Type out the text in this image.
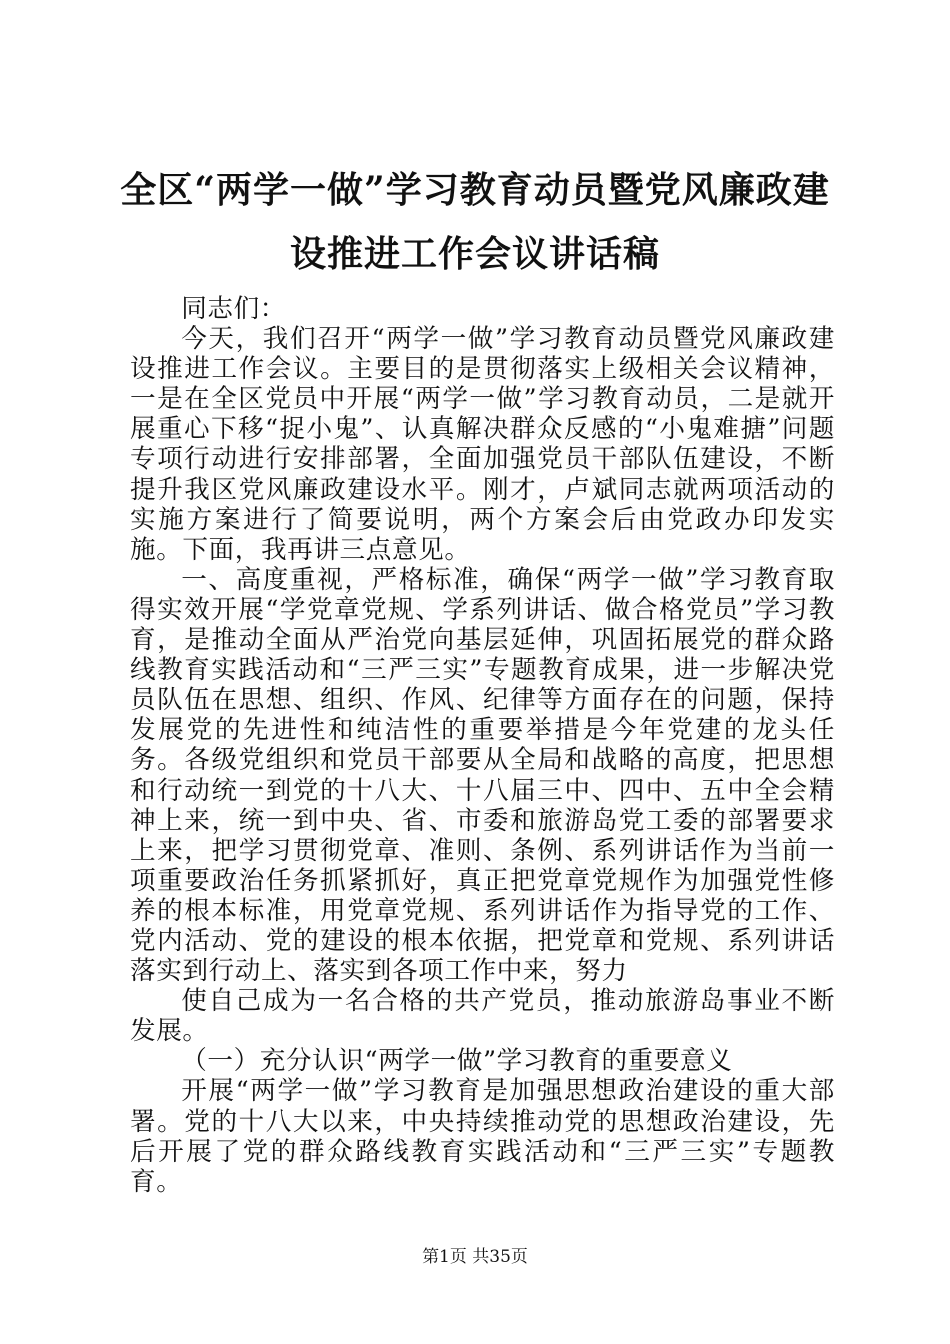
全区“两学一做”学习教育动员暨党风廉政建设推进工作会议讲话稿

同志们：

今天，我们召开“两学一做”学习教育动员暨党风廉政建设推进工作会议。主要目的是贯彻落实上级相关会议精神，一是在全区党员中开展“两学一做”学习教育动员，二是就开展重心下移“捉小鬼”、认真解决群众反感的“小鬼难搪”问题专项行动进行安排部署，全面加强党员干部队伍建设，不断提升我区党风廉政建设水平。刚才，卢斌同志就两项活动的实施方案进行了简要说明，两个方案会后由党政办印发实施。下面，我再讲三点意见。

一、高度重视，严格标准，确保“两学一做”学习教育取得实效开展“学党章党规、学系列讲话、做合格党员”学习教育，是推动全面从严治党向基层延伸，巩固拓展党的群众路线教育实践活动和“三严三实”专题教育成果，进一步解决党员队伍在思想、组织、作风、纪律等方面存在的问题，保持发展党的先进性和纯洁性的重要举措是今年党建的龙头任务。各级党组织和党员干部要从全局和战略的高度，把思想和行动统一到党的十八大、十八届三中、四中、五中全会精神上来，统一到中央、省、市委和旅游岛党工委的部署要求上来，把学习贯彻党章、准则、条例、系列讲话作为当前一项重要政治任务抓紧抓好，真正把党章党规作为加强党性修养的根本标准，用党章党规、系列讲话作为指导党的工作、党内活动、党的建设的根本依据，把党章和党规、系列讲话落实到行动上、落实到各项工作中来，努力

使自己成为一名合格的共产党员，推动旅游岛事业不断发展。

（一）充分认识“两学一做”学习教育的重要意义

开展“两学一做”学习教育是加强思想政治建设的重大部署。党的十八大以来，中央持续推动党的思想政治建设，先后开展了党的群众路线教育实践活动和“三严三实”专题教育。

第1页 共35页
